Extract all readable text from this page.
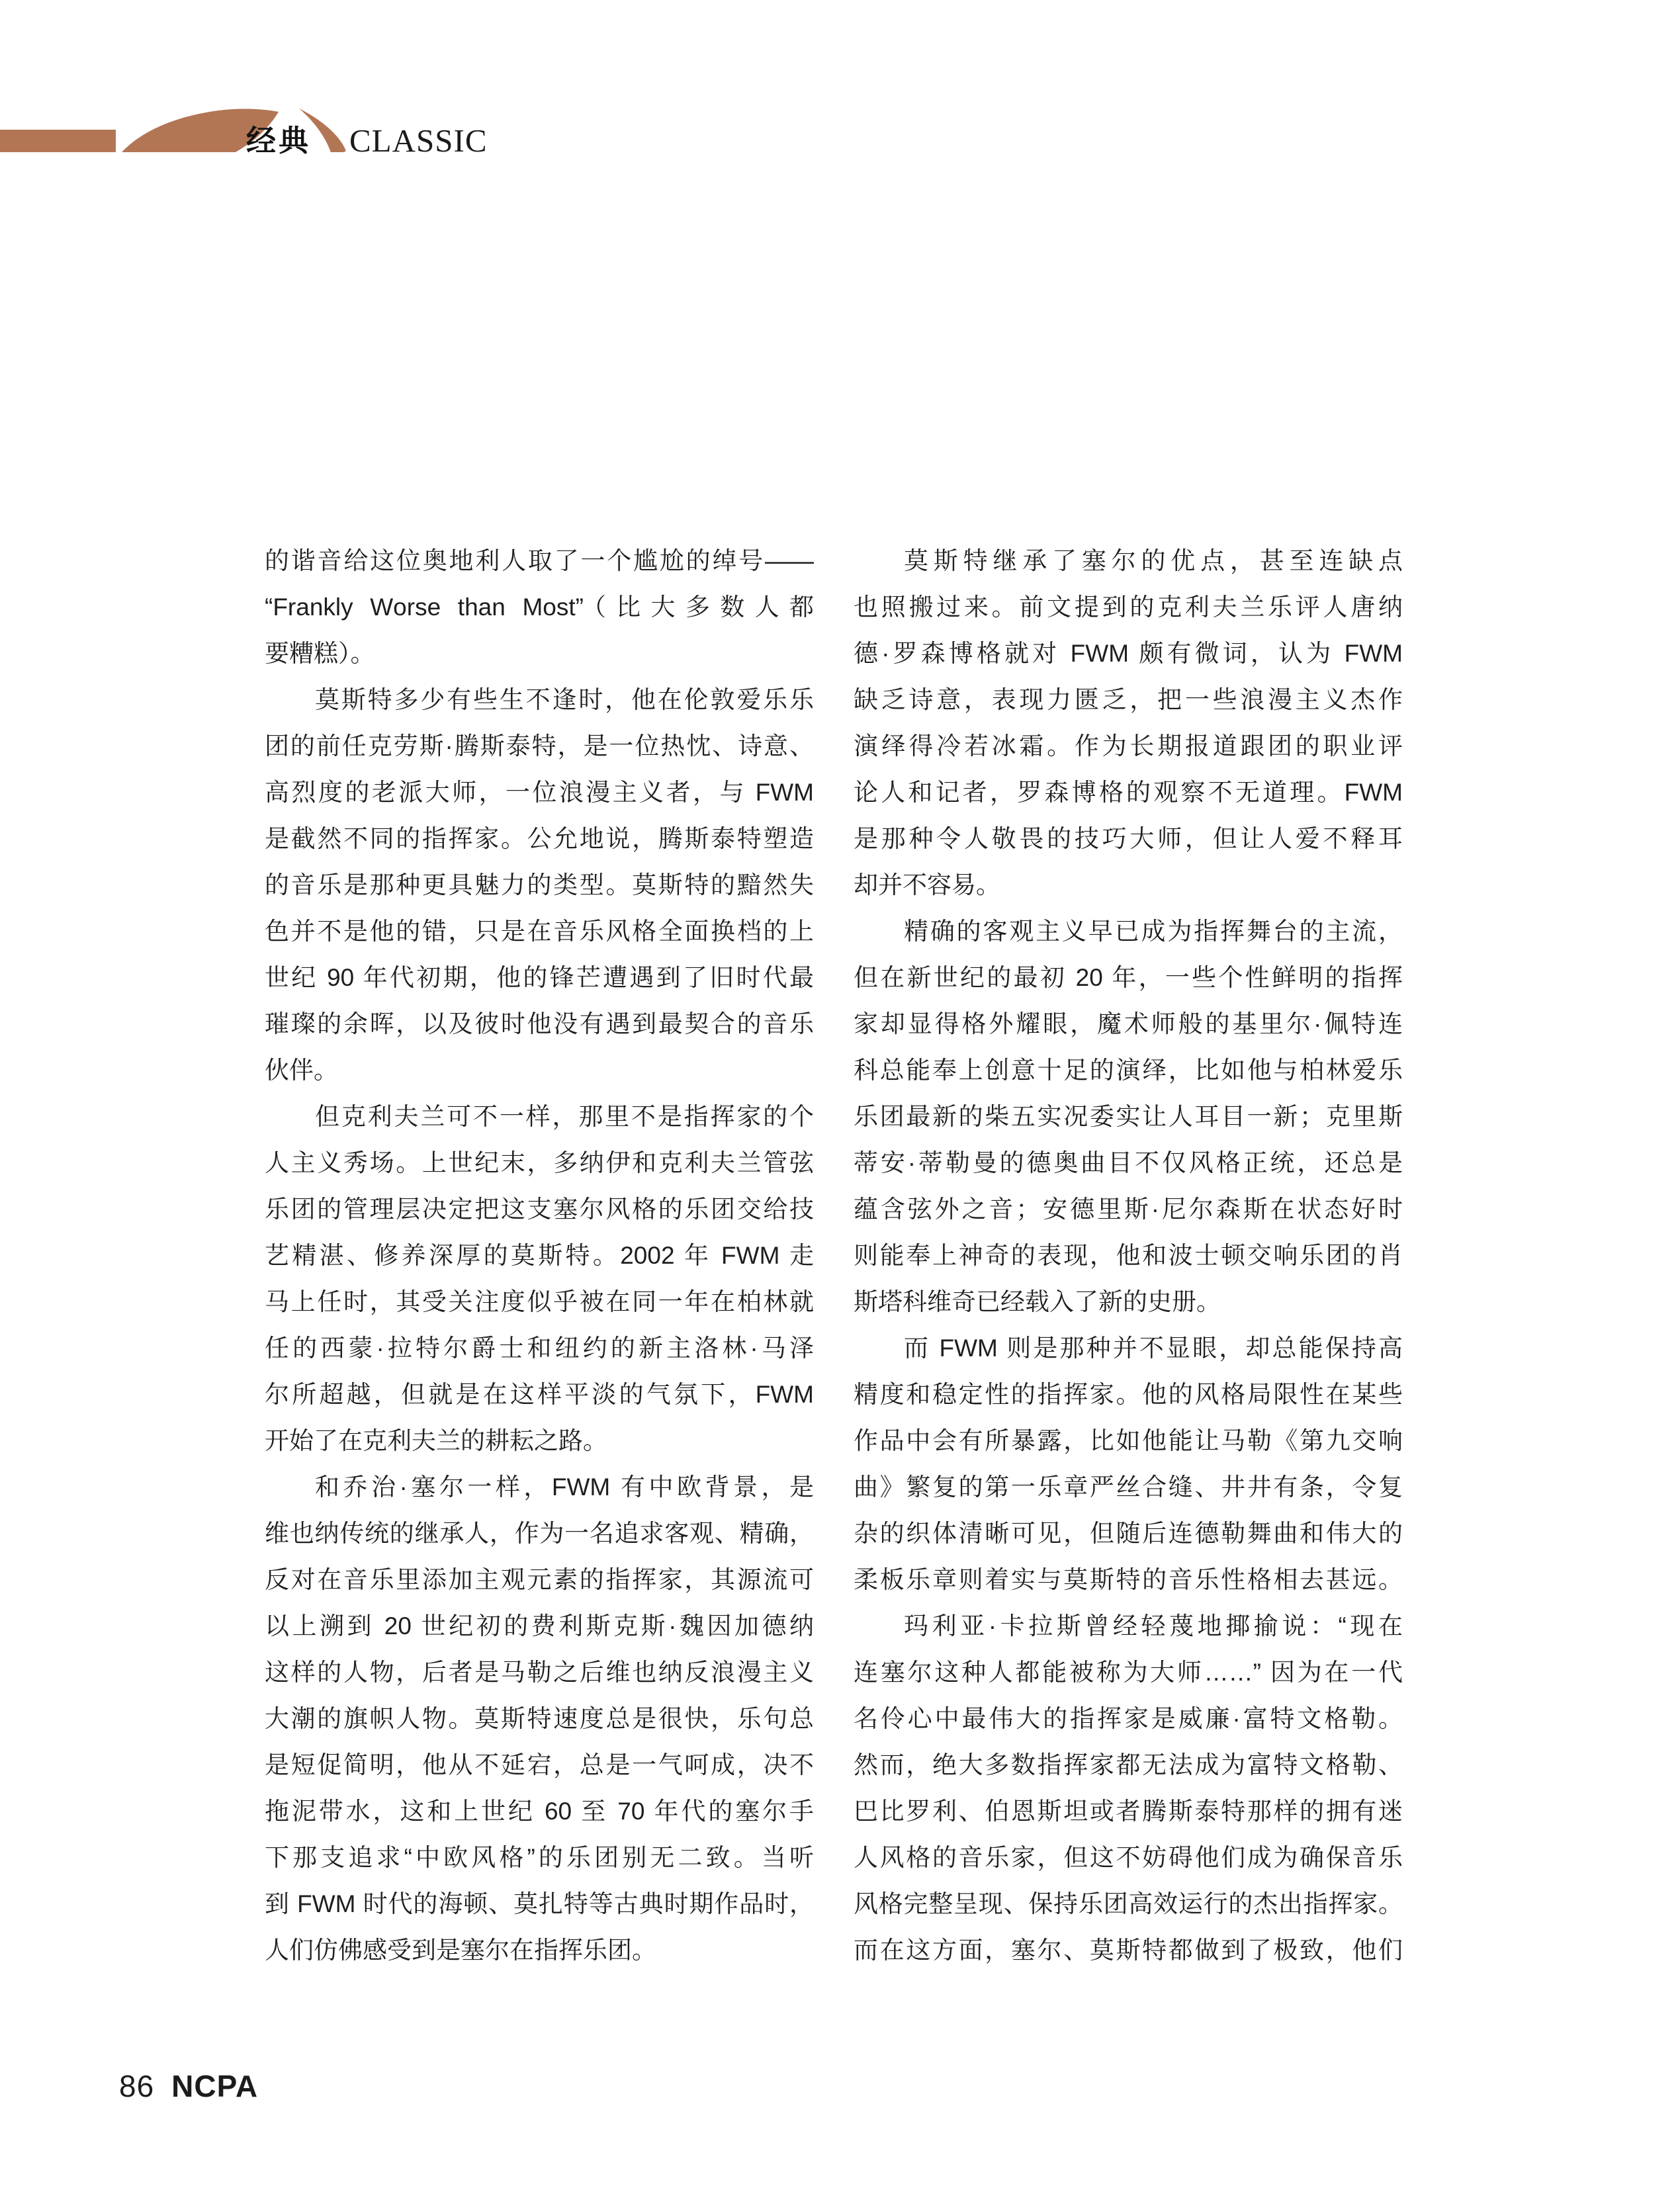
经典 CLASSIC
的谐音给这位奥地利人取了一个尴尬的绰号——
“Frankly Worse than Most”（比大多数人都
要糟糕）。
莫斯特多少有些生不逢时，他在伦敦爱乐乐
团的前任克劳斯·腾斯泰特，是一位热忱、诗意、
高烈度的老派大师，一位浪漫主义者，与 FWM
是截然不同的指挥家。公允地说，腾斯泰特塑造
的音乐是那种更具魅力的类型。莫斯特的黯然失
色并不是他的错，只是在音乐风格全面换档的上
世纪 90 年代初期，他的锋芒遭遇到了旧时代最
璀璨的余晖，以及彼时他没有遇到最契合的音乐
伙伴。
但克利夫兰可不一样，那里不是指挥家的个
人主义秀场。上世纪末，多纳伊和克利夫兰管弦
乐团的管理层决定把这支塞尔风格的乐团交给技
艺精湛、修养深厚的莫斯特。2002 年 FWM 走
马上任时，其受关注度似乎被在同一年在柏林就
任的西蒙·拉特尔爵士和纽约的新主洛林·马泽
尔所超越，但就是在这样平淡的气氛下，FWM
开始了在克利夫兰的耕耘之路。
和乔治·塞尔一样，FWM 有中欧背景，是
维也纳传统的继承人，作为一名追求客观、精确，
反对在音乐里添加主观元素的指挥家，其源流可
以上溯到 20 世纪初的费利斯克斯·魏因加德纳
这样的人物，后者是马勒之后维也纳反浪漫主义
大潮的旗帜人物。莫斯特速度总是很快，乐句总
是短促简明，他从不延宕，总是一气呵成，决不
拖泥带水，这和上世纪 60 至 70 年代的塞尔手
下那支追求“中欧风格”的乐团别无二致。当听
到 FWM 时代的海顿、莫扎特等古典时期作品时，
人们仿佛感受到是塞尔在指挥乐团。
莫斯特继承了塞尔的优点，甚至连缺点
也照搬过来。前文提到的克利夫兰乐评人唐纳
德·罗森博格就对 FWM 颇有微词，认为 FWM
缺乏诗意，表现力匮乏，把一些浪漫主义杰作
演绎得冷若冰霜。作为长期报道跟团的职业评
论人和记者，罗森博格的观察不无道理。FWM
是那种令人敬畏的技巧大师，但让人爱不释耳
却并不容易。
精确的客观主义早已成为指挥舞台的主流，
但在新世纪的最初 20 年，一些个性鲜明的指挥
家却显得格外耀眼，魔术师般的基里尔·佩特连
科总能奉上创意十足的演绎，比如他与柏林爱乐
乐团最新的柴五实况委实让人耳目一新；克里斯
蒂安·蒂勒曼的德奥曲目不仅风格正统，还总是
蕴含弦外之音；安德里斯·尼尔森斯在状态好时
则能奉上神奇的表现，他和波士顿交响乐团的肖
斯塔科维奇已经载入了新的史册。
而 FWM 则是那种并不显眼，却总能保持高
精度和稳定性的指挥家。他的风格局限性在某些
作品中会有所暴露，比如他能让马勒《第九交响
曲》繁复的第一乐章严丝合缝、井井有条，令复
杂的织体清晰可见，但随后连德勒舞曲和伟大的
柔板乐章则着实与莫斯特的音乐性格相去甚远。
玛利亚·卡拉斯曾经轻蔑地揶揄说：“现在
连塞尔这种人都能被称为大师……” 因为在一代
名伶心中最伟大的指挥家是威廉·富特文格勒。
然而，绝大多数指挥家都无法成为富特文格勒、
巴比罗利、伯恩斯坦或者腾斯泰特那样的拥有迷
人风格的音乐家，但这不妨碍他们成为确保音乐
风格完整呈现、保持乐团高效运行的杰出指挥家。
而在这方面，塞尔、莫斯特都做到了极致，他们
86 NCPA
